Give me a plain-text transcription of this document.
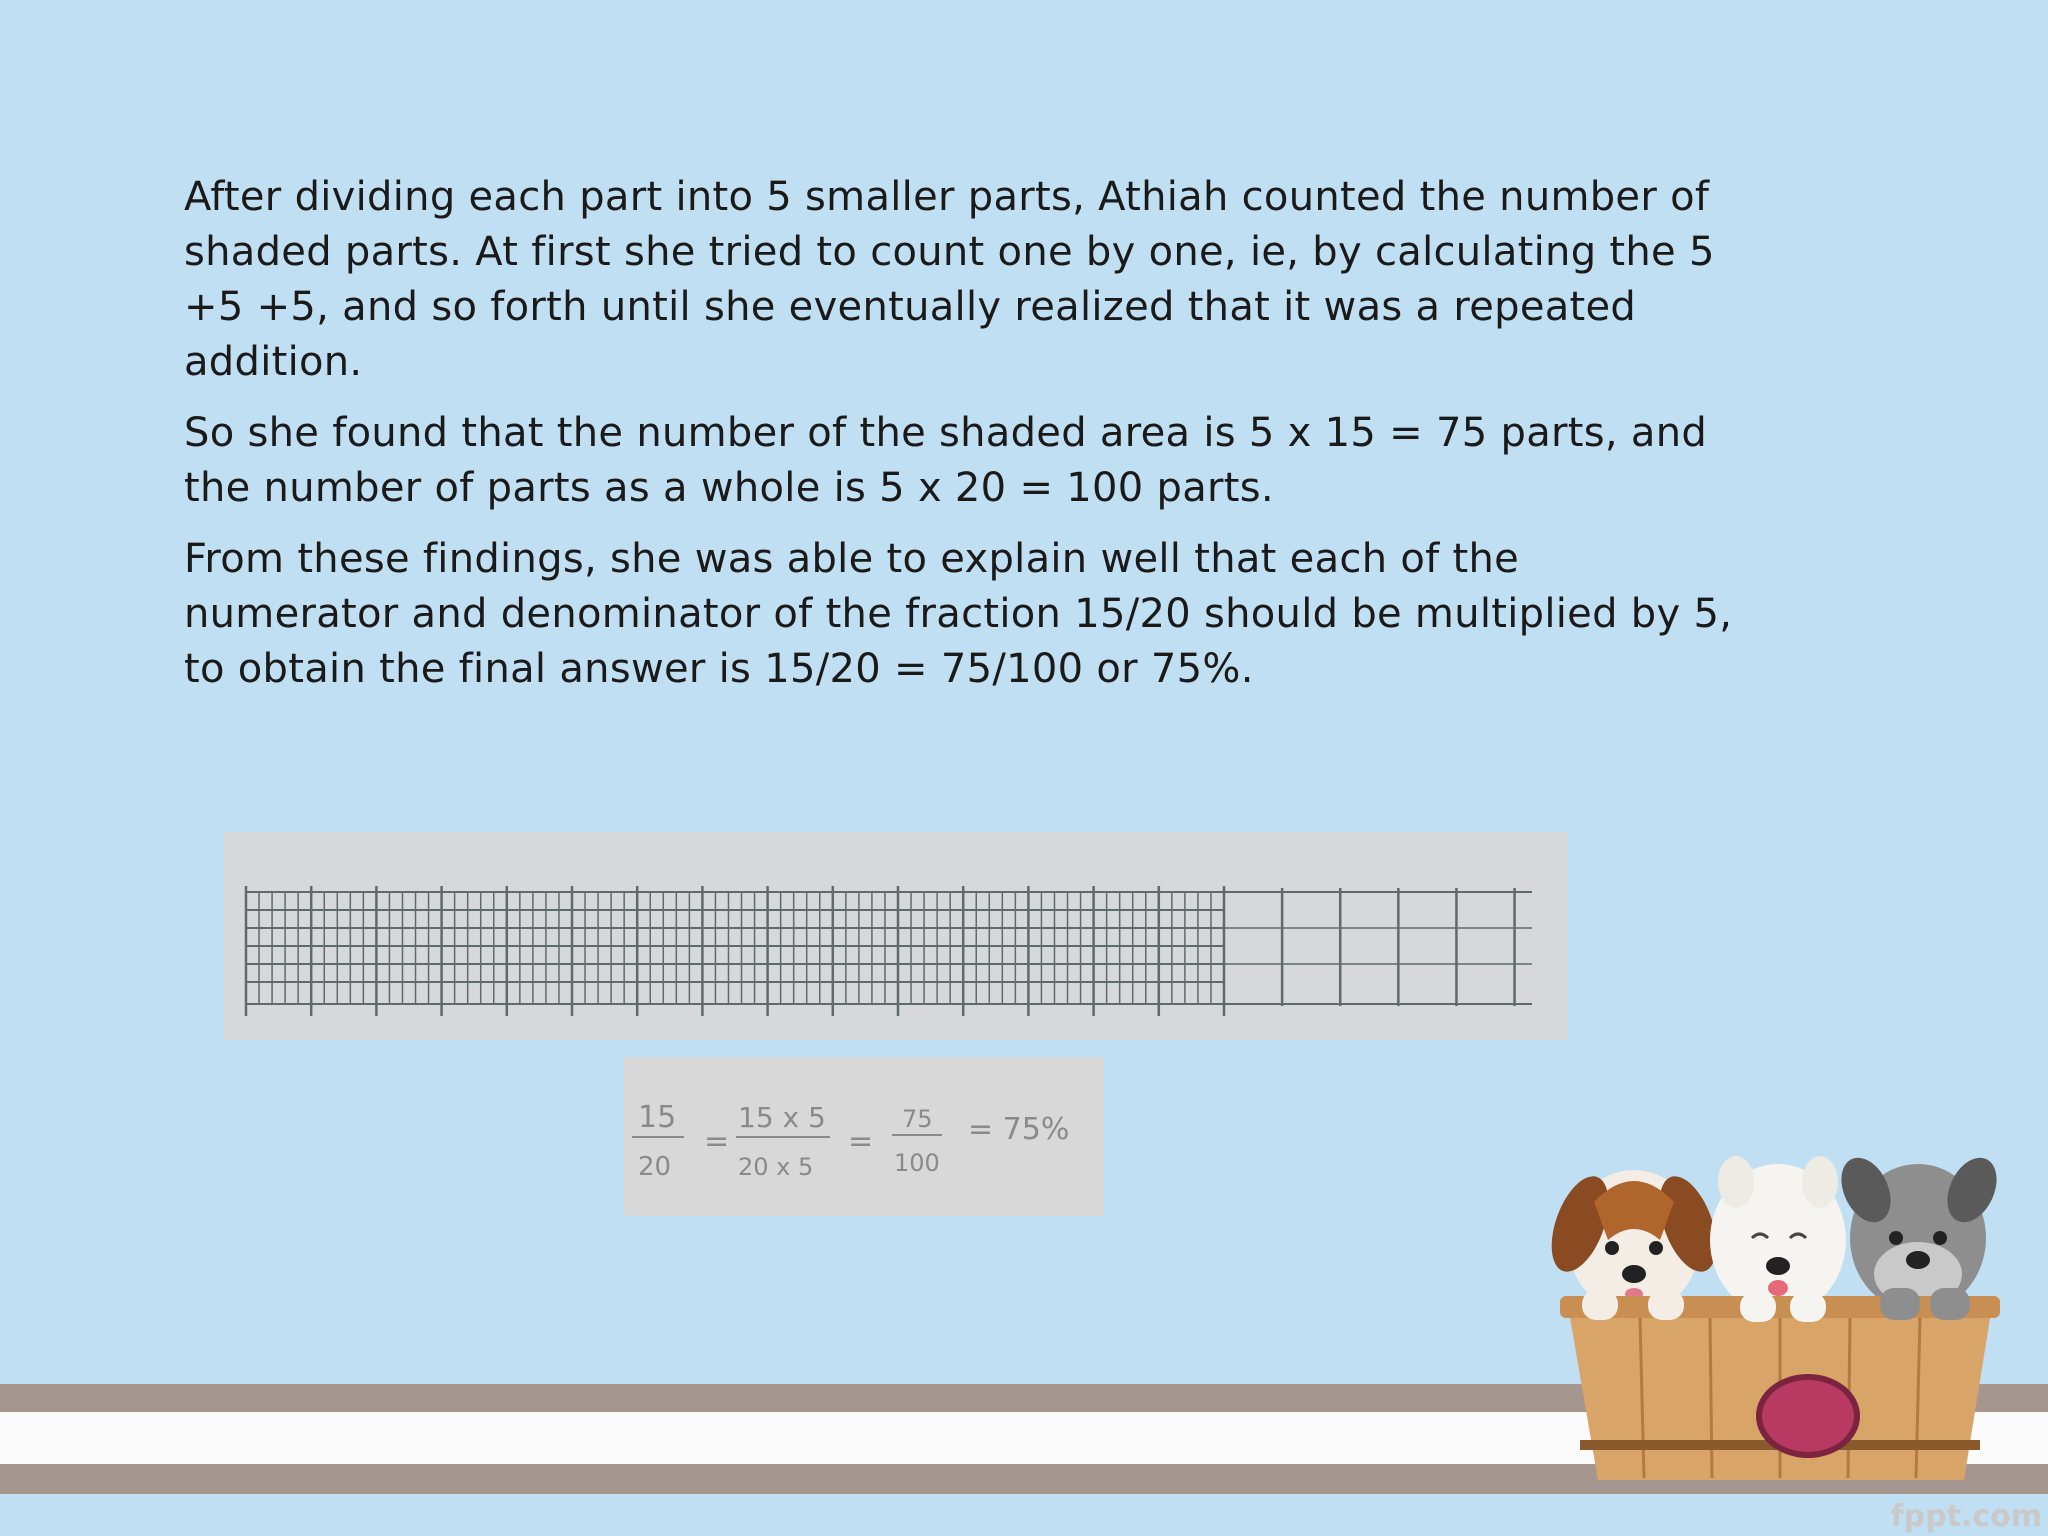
After dividing each part into 5 smaller parts, Athiah counted the number of shaded parts. At first she tried to count one by one, ie, by calculating the 5 +5 +5, and so forth until she eventually realized that it was a repeated addition.

So she found that the number of the shaded area is 5 x 15 = 75 parts, and the number of parts as a whole is 5 x 20 = 100 parts.

From these findings, she was able to explain well that each of the numerator and denominator of the fraction 15/20 should be multiplied by 5, to obtain the final answer is 15/20 = 75/100 or 75%.

15
20
=
15 x 5
20 x 5
=
75
100
= 75%
fppt.com
